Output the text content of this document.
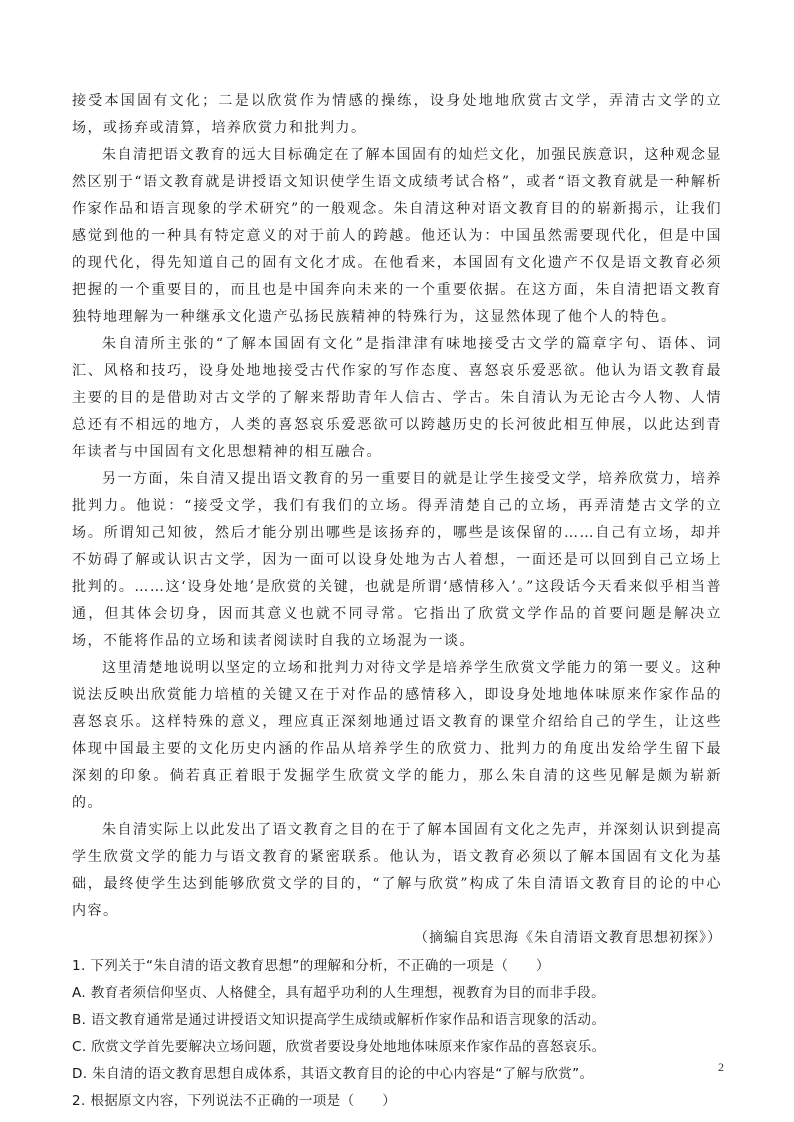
接受本国固有文化；二是以欣赏作为情感的操练，设身处地地欣赏古文学，弄清古文学的立场，或扬弃或清算，培养欣赏力和批判力。

朱自清把语文教育的远大目标确定在了解本国固有的灿烂文化，加强民族意识，这种观念显然区别于“语文教育就是讲授语文知识使学生语文成绩考试合格”，或者“语文教育就是一种解析作家作品和语言现象的学术研究”的一般观念。朱自清这种对语文教育目的的崭新揭示，让我们感觉到他的一种具有特定意义的对于前人的跨越。他还认为：中国虽然需要现代化，但是中国的现代化，得先知道自己的固有文化才成。在他看来，本国固有文化遗产不仅是语文教育必须把握的一个重要目的，而且也是中国奔向未来的一个重要依据。在这方面，朱自清把语文教育独特地理解为一种继承文化遗产弘扬民族精神的特殊行为，这显然体现了他个人的特色。

朱自清所主张的“了解本国固有文化”是指津津有味地接受古文学的篇章字句、语体、词汇、风格和技巧，设身处地地接受古代作家的写作态度、喜怒哀乐爱恶欲。他认为语文教育最主要的目的是借助对古文学的了解来帮助青年人信古、学古。朱自清认为无论古今人物、人情总还有不相远的地方，人类的喜怒哀乐爱恶欲可以跨越历史的长河彼此相互伸展，以此达到青年读者与中国固有文化思想精神的相互融合。

另一方面，朱自清又提出语文教育的另一重要目的就是让学生接受文学，培养欣赏力，培养批判力。他说：“接受文学，我们有我们的立场。得弄清楚自己的立场，再弄清楚古文学的立场。所谓知己知彼，然后才能分别出哪些是该扬弃的，哪些是该保留的……自己有立场，却并不妨碍了解或认识古文学，因为一面可以设身处地为古人着想，一面还是可以回到自己立场上批判的。……这‘设身处地’是欣赏的关键，也就是所谓‘感情移入’。”这段话今天看来似乎相当普通，但其体会切身，因而其意义也就不同寻常。它指出了欣赏文学作品的首要问题是解决立场，不能将作品的立场和读者阅读时自我的立场混为一谈。

这里清楚地说明以坚定的立场和批判力对待文学是培养学生欣赏文学能力的第一要义。这种说法反映出欣赏能力培植的关键又在于对作品的感情移入，即设身处地地体味原来作家作品的喜怒哀乐。这样特殊的意义，理应真正深刻地通过语文教育的课堂介绍给自己的学生，让这些体现中国最主要的文化历史内涵的作品从培养学生的欣赏力、批判力的角度出发给学生留下最深刻的印象。倘若真正着眼于发掘学生欣赏文学的能力，那么朱自清的这些见解是颇为崭新的。

朱自清实际上以此发出了语文教育之目的在于了解本国固有文化之先声，并深刻认识到提高学生欣赏文学的能力与语文教育的紧密联系。他认为，语文教育必须以了解本国固有文化为基础，最终使学生达到能够欣赏文学的目的，“了解与欣赏”构成了朱自清语文教育目的论的中心内容。

（摘编自宾思海《朱自清语文教育思想初探》）

1. 下列关于“朱自清的语文教育思想”的理解和分析，不正确的一项是（　　）

A. 教育者须信仰坚贞、人格健全，具有超乎功利的人生理想，视教育为目的而非手段。

B. 语文教育通常是通过讲授语文知识提高学生成绩或解析作家作品和语言现象的活动。

C. 欣赏文学首先要解决立场问题，欣赏者要设身处地地体味原来作家作品的喜怒哀乐。

D. 朱自清的语文教育思想自成体系，其语文教育目的论的中心内容是“了解与欣赏”。

2. 根据原文内容，下列说法不正确的一项是（　　）

2
